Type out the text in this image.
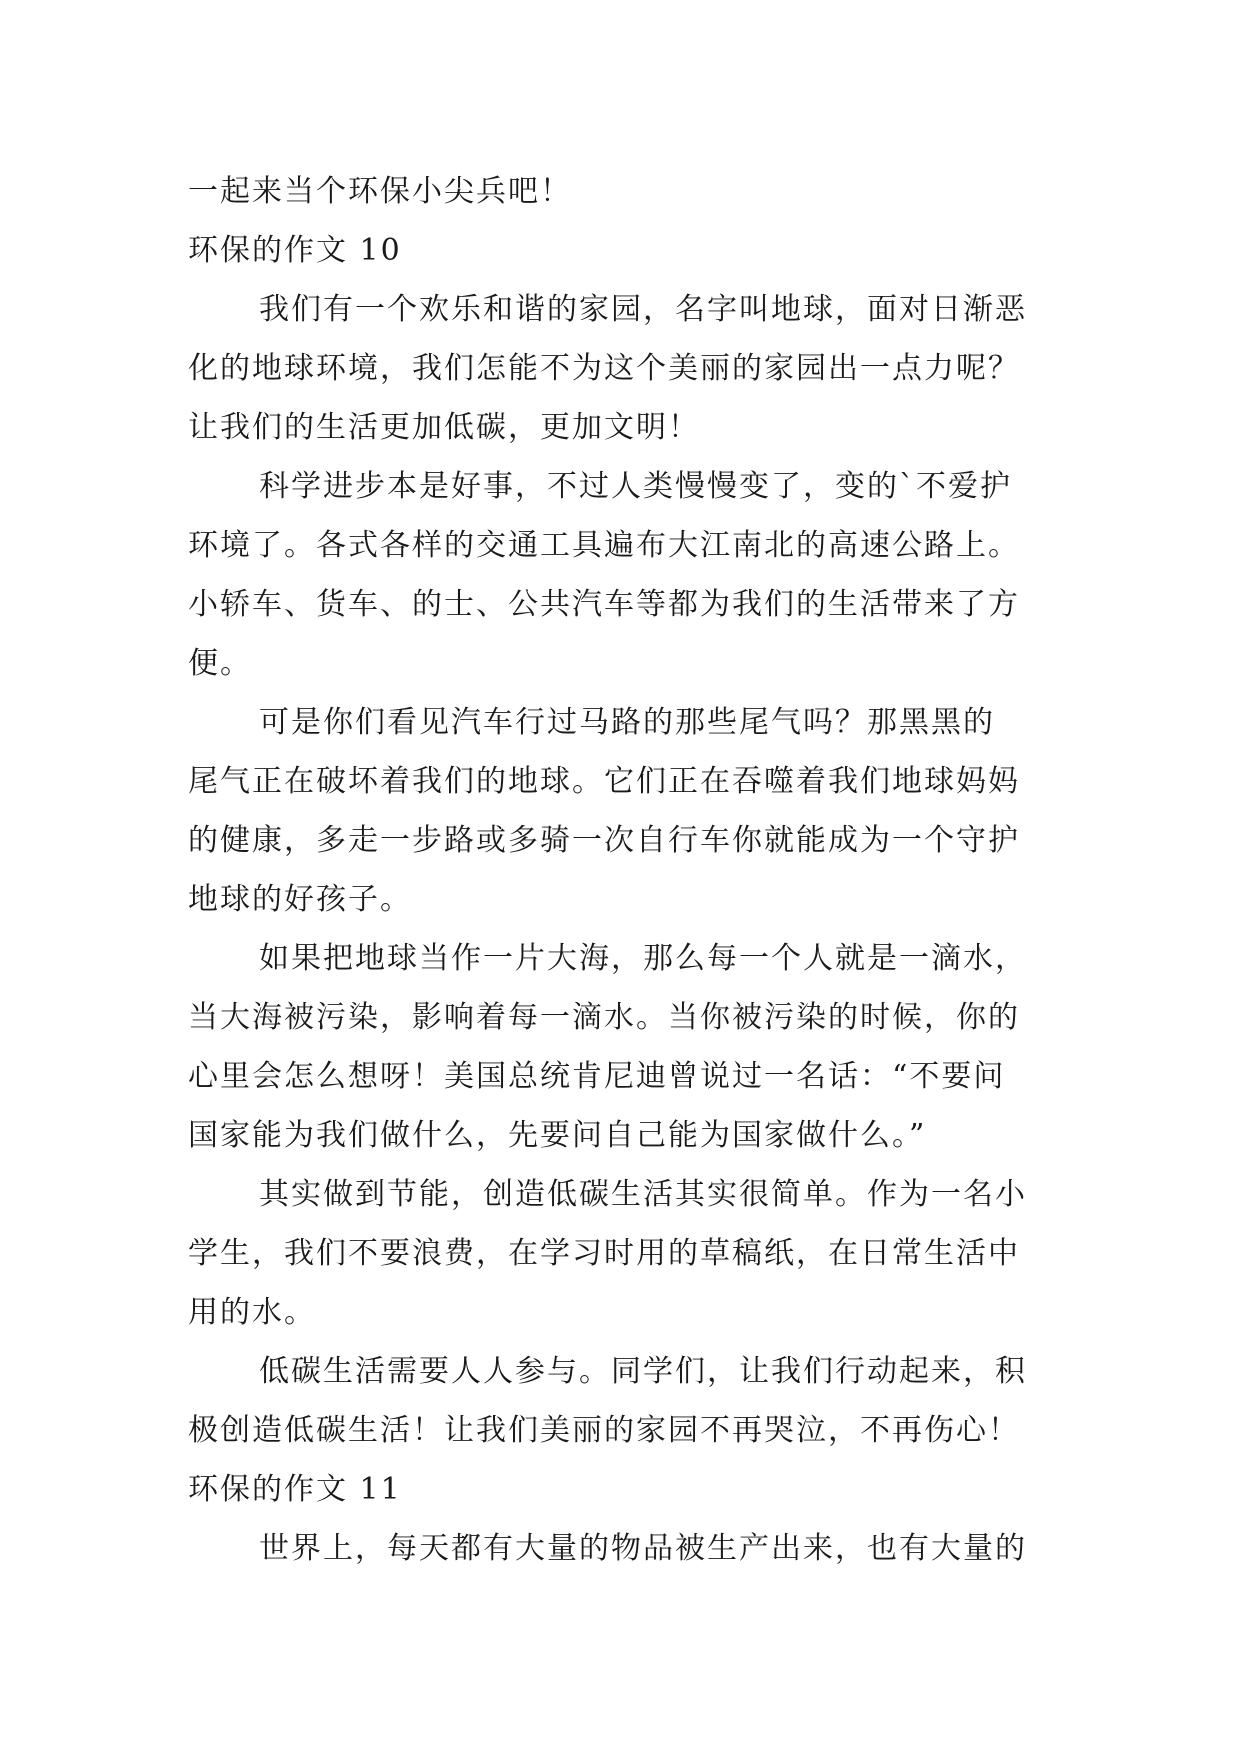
一起来当个环保小尖兵吧！

环保的作文 10

我们有一个欢乐和谐的家园，名字叫地球，面对日渐恶

化的地球环境，我们怎能不为这个美丽的家园出一点力呢？

让我们的生活更加低碳，更加文明！

科学进步本是好事，不过人类慢慢变了，变的`不爱护

环境了。各式各样的交通工具遍布大江南北的高速公路上。

小轿车、货车、的士、公共汽车等都为我们的生活带来了方

便。

可是你们看见汽车行过马路的那些尾气吗？那黑黑的

尾气正在破坏着我们的地球。它们正在吞噬着我们地球妈妈

的健康，多走一步路或多骑一次自行车你就能成为一个守护

地球的好孩子。

如果把地球当作一片大海，那么每一个人就是一滴水，

当大海被污染，影响着每一滴水。当你被污染的时候，你的

心里会怎么想呀！美国总统肯尼迪曾说过一名话：“不要问

国家能为我们做什么，先要问自己能为国家做什么。”

其实做到节能，创造低碳生活其实很简单。作为一名小

学生，我们不要浪费，在学习时用的草稿纸，在日常生活中

用的水。

低碳生活需要人人参与。同学们，让我们行动起来，积

极创造低碳生活！让我们美丽的家园不再哭泣，不再伤心！

环保的作文 11

世界上，每天都有大量的物品被生产出来，也有大量的
